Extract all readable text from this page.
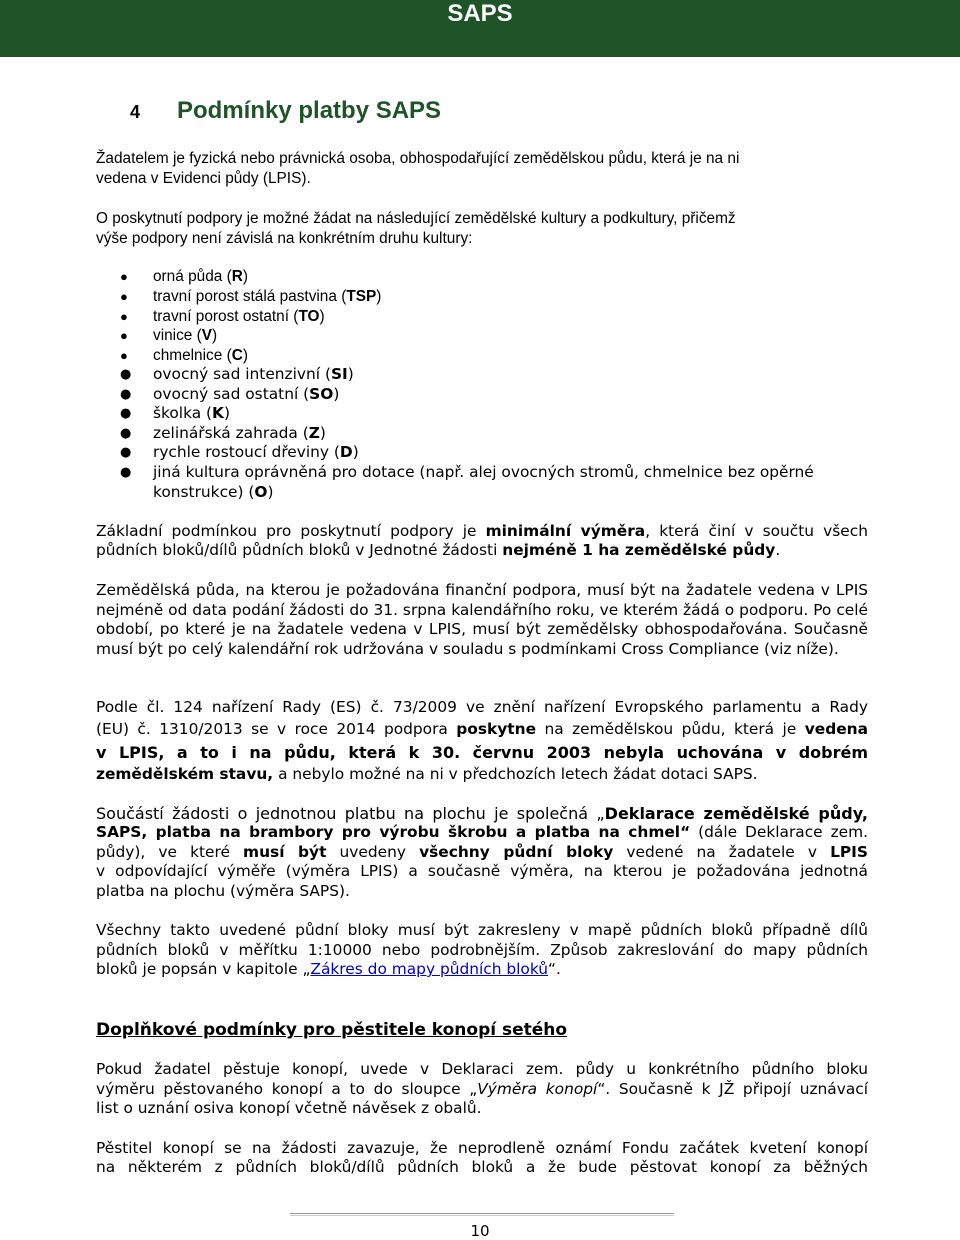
SAPS
4 Podmínky platby SAPS
Žadatelem je fyzická nebo právnická osoba, obhospodařující zemědělskou půdu, která je na ni
vedena v Evidenci půdy (LPIS).
O poskytnutí podpory je možné žádat na následující zemědělské kultury a podkultury, přičemž
výše podpory není závislá na konkrétním druhu kultury:
● orná půda (R)
● travní porost stálá pastvina (TSP)
● travní porost ostatní (TO)
● vinice (V)
● chmelnice (C)
● ovocný sad intenzivní (SI)
● ovocný sad ostatní (SO)
● školka (K)
● zelinářská zahrada (Z)
● rychle rostoucí dřeviny (D)
● jiná kultura oprávněná pro dotace (např. alej ovocných stromů, chmelnice bez opěrné
konstrukce) (O)
Základní podmínkou pro poskytnutí podpory je minimální výměra, která činí v součtu všech
půdních bloků/dílů půdních bloků v Jednotné žádosti nejméně 1 ha zemědělské půdy.
Zemědělská půda, na kterou je požadována finanční podpora, musí být na žadatele vedena v LPIS nejméně od data podání žádosti do 31. srpna kalendářního roku, ve kterém žádá o podporu. Po celé období, po které je na žadatele vedena v LPIS, musí být zemědělsky obhospodařována. Současně musí být po celý kalendářní rok udržována v souladu s podmínkami Cross Compliance (viz níže).
Podle čl. 124 nařízení Rady (ES) č. 73/2009 ve znění nařízení Evropského parlamentu a Rady
(EU) č. 1310/2013 se v roce 2014 podpora poskytne na zemědělskou půdu, která je vedena
v LPIS, a to i na půdu, která k 30. červnu 2003 nebyla uchována v dobrém
zemědělském stavu, a nebylo možné na ni v předchozích letech žádat dotaci SAPS.
Součástí žádosti o jednotnou platbu na plochu je společná „Deklarace zemědělské půdy,
SAPS, platba na brambory pro výrobu škrobu a platba na chmel“ (dále Deklarace zem.
půdy), ve které musí být uvedeny všechny půdní bloky vedené na žadatele v LPIS
v odpovídající výměře (výměra LPIS) a současně výměra, na kterou je požadována jednotná
platba na plochu (výměra SAPS).
Všechny takto uvedené půdní bloky musí být zakresleny v mapě půdních bloků případně dílů
půdních bloků v měřítku 1:10000 nebo podrobnějším. Způsob zakreslování do mapy půdních
bloků je popsán v kapitole „Zákres do mapy půdních bloků“.
Doplňkové podmínky pro pěstitele konopí setého
Pokud žadatel pěstuje konopí, uvede v Deklaraci zem. půdy u konkrétního půdního bloku
výměru pěstovaného konopí a to do sloupce „Výměra konopí“. Současně k JŽ připojí uznávací
list o uznání osiva konopí včetně návěsek z obalů.
Pěstitel konopí se na žádosti zavazuje, že neprodleně oznámí Fondu začátek kvetení konopí
na některém z půdních bloků/dílů půdních bloků a že bude pěstovat konopí za běžných
10
